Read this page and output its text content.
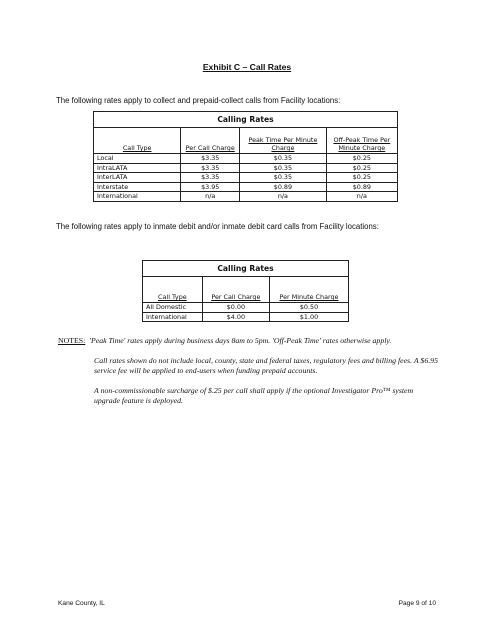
Exhibit C – Call Rates
The following rates apply to collect and prepaid-collect calls from Facility locations:
Calling Rates			
Call Type	Per Call Charge	Peak Time Per Minute Charge	Off-Peak Time Per Minute Charge
Local	$3.35	$0.35	$0.25
IntraLATA	$3.35	$0.35	$0.25
InterLATA	$3.35	$0.35	$0.25
Interstate	$3.95	$0.89	$0.89
International	n/a	n/a	n/a
The following rates apply to inmate debit and/or inmate debit card calls from Facility locations:
Calling Rates		
Call Type	Per Call Charge	Per Minute Charge
All Domestic	$0.00	$0.50
International	$4.00	$1.00

NOTES: 'Peak Time' rates apply during business days 8am to 5pm. 'Off-Peak Time' rates otherwise apply.

Call rates shown do not include local, county, state and federal taxes, regulatory fees and billing fees. A $6.95 service fee will be applied to end-users when funding prepaid accounts.

A non-commissionable surcharge of $.25 per call shall apply if the optional Investigator Pro™ system upgrade feature is deployed.

Kane County, IL	Page 9 of 10
